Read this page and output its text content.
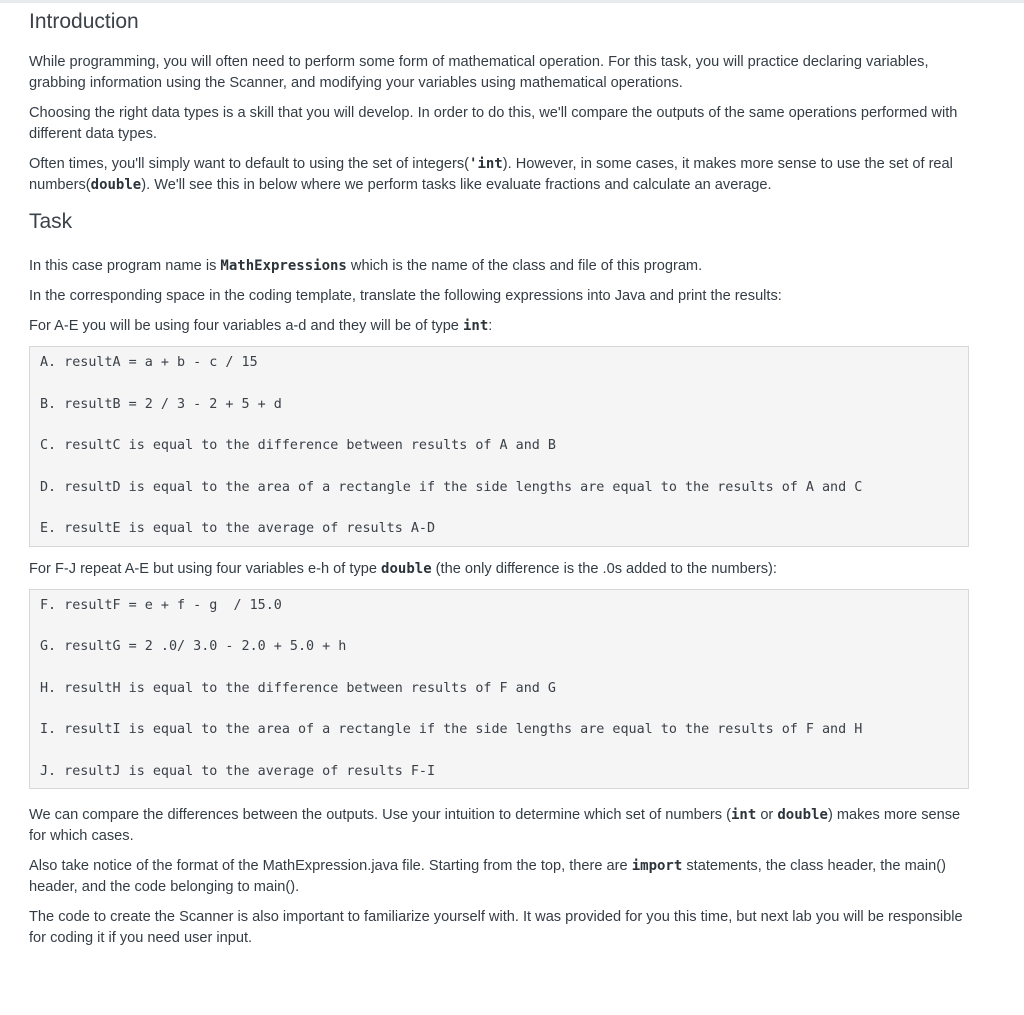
Introduction

While programming, you will often need to perform some form of mathematical operation. For this task, you will practice declaring variables, grabbing information using the Scanner, and modifying your variables using mathematical operations.

Choosing the right data types is a skill that you will develop. In order to do this, we'll compare the outputs of the same operations performed with different data types.

Often times, you'll simply want to default to using the set of integers('int). However, in some cases, it makes more sense to use the set of real numbers(double). We'll see this in below where we perform tasks like evaluate fractions and calculate an average.

Task

In this case program name is MathExpressions which is the name of the class and file of this program.

In the corresponding space in the coding template, translate the following expressions into Java and print the results:

For A-E you will be using four variables a-d and they will be of type int:

A. resultA = a + b - c / 15
B. resultB = 2 / 3 - 2 + 5 + d
C. resultC is equal to the difference between results of A and B
D. resultD is equal to the area of a rectangle if the side lengths are equal to the results of A and C
E. resultE is equal to the average of results A-D

For F-J repeat A-E but using four variables e-h of type double (the only difference is the .0s added to the numbers):

F. resultF = e + f - g  / 15.0
G. resultG = 2 .0/ 3.0 - 2.0 + 5.0 + h
H. resultH is equal to the difference between results of F and G
I. resultI is equal to the area of a rectangle if the side lengths are equal to the results of F and H
J. resultJ is equal to the average of results F-I

We can compare the differences between the outputs. Use your intuition to determine which set of numbers (int or double) makes more sense for which cases.

Also take notice of the format of the MathExpression.java file. Starting from the top, there are import statements, the class header, the main() header, and the code belonging to main().

The code to create the Scanner is also important to familiarize yourself with. It was provided for you this time, but next lab you will be responsible for coding it if you need user input.
